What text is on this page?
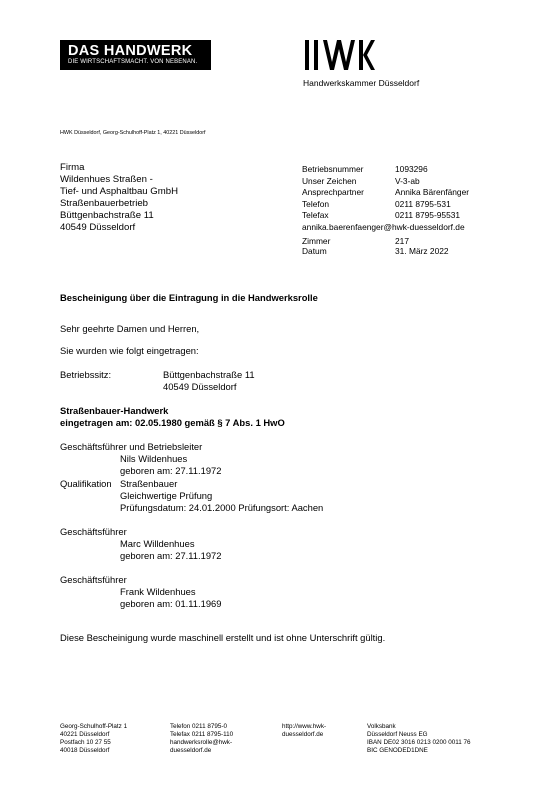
DAS HANDWERK
DIE WIRTSCHAFTSMACHT. VON NEBENAN.
Handwerkskammer Düsseldorf
HWK Düsseldorf, Georg-Schulhoff-Platz 1, 40221 Düsseldorf
Firma
Wildenhues Straßen -
Tief- und Asphaltbau GmbH
Straßenbauerbetrieb
Büttgenbachstraße 11
40549 Düsseldorf
Betriebsnummer	1093296
Unser Zeichen	V-3-ab
Ansprechpartner	Annika Bärenfänger
Telefon	0211 8795-531
Telefax	0211 8795-95531
annika.baerenfaenger@hwk-duesseldorf.de
Zimmer	217
Datum	31. März 2022
Bescheinigung über die Eintragung in die Handwerksrolle
Sehr geehrte Damen und Herren,
Sie wurden wie folgt eingetragen:
Betriebssitz:	Büttgenbachstraße 11
40549 Düsseldorf
Straßenbauer-Handwerk
eingetragen am: 02.05.1980 gemäß § 7 Abs. 1 HwO
Geschäftsführer und Betriebsleiter
Nils Wildenhues
geboren am: 27.11.1972
Qualifikation Straßenbauer
Gleichwertige Prüfung
Prüfungsdatum: 24.01.2000 Prüfungsort: Aachen
Geschäftsführer
Marc Willdenhues
geboren am: 27.11.1972
Geschäftsführer
Frank Wildenhues
geboren am: 01.11.1969
Diese Bescheinigung wurde maschinell erstellt und ist ohne Unterschrift gültig.
Georg-Schulhoff-Platz 1
40221 Düsseldorf
Postfach 10 27 55
40018 Düsseldorf
Telefon 0211 8795-0
Telefax 0211 8795-110
handwerksrolle@hwk-
duesseldorf.de
http://www.hwk-
duesseldorf.de
Volksbank
Düsseldorf Neuss EG
IBAN DE02 3016 0213 0200 0011 76
BIC GENODED1DNE
